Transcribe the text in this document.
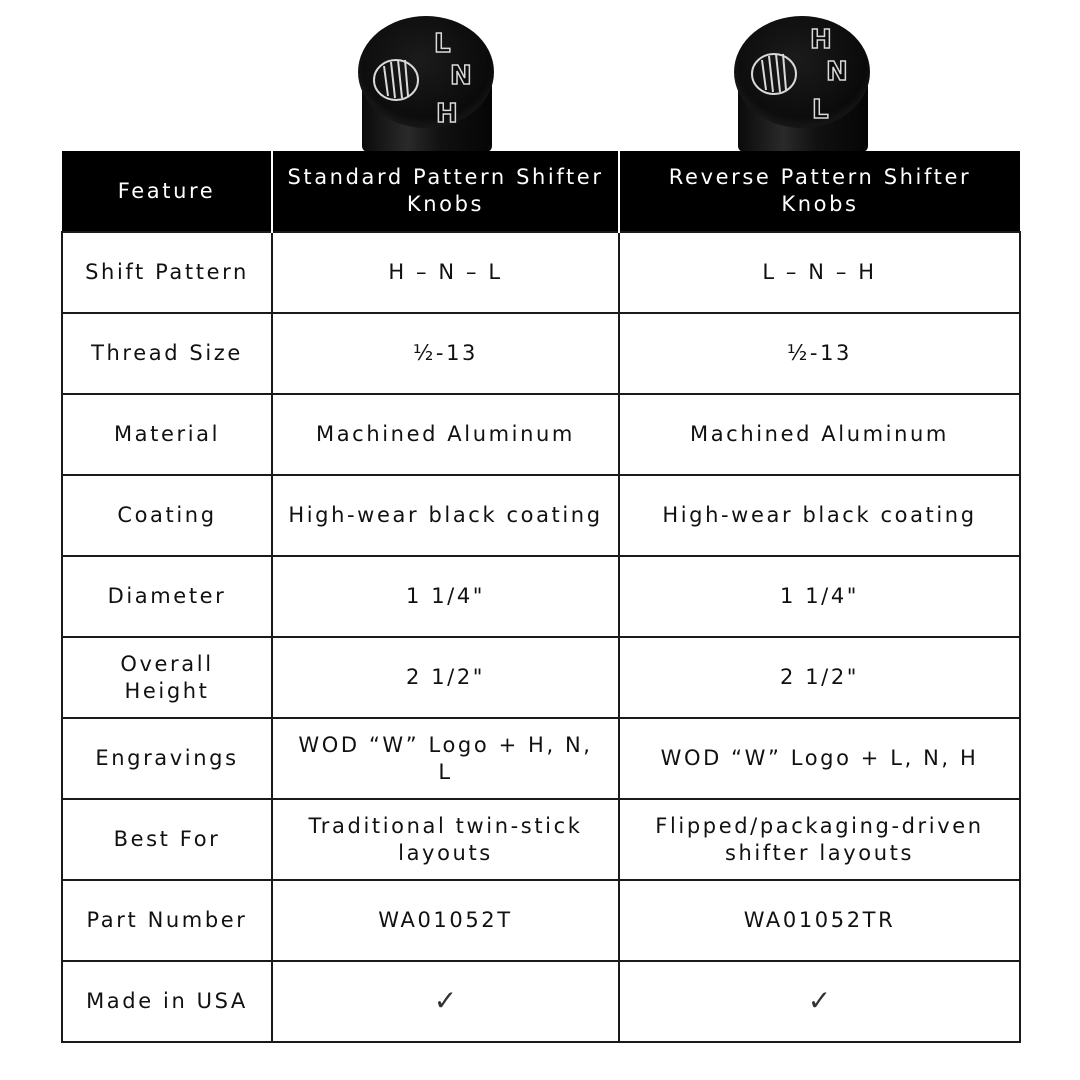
L
N
H
H
N
L
Feature	Standard Pattern Shifter Knobs	Reverse Pattern Shifter Knobs
Shift Pattern	H – N – L	L – N – H
Thread Size	½-13	½-13
Material	Machined Aluminum	Machined Aluminum
Coating	High-wear black coating	High-wear black coating
Diameter	1 1/4"	1 1/4"
Overall Height	2 1/2"	2 1/2"
Engravings	WOD “W” Logo + H, N, L	WOD “W” Logo + L, N, H
Best For	Traditional twin-stick layouts	Flipped/packaging-driven shifter layouts
Part Number	WA01052T	WA01052TR
Made in USA	✓	✓
